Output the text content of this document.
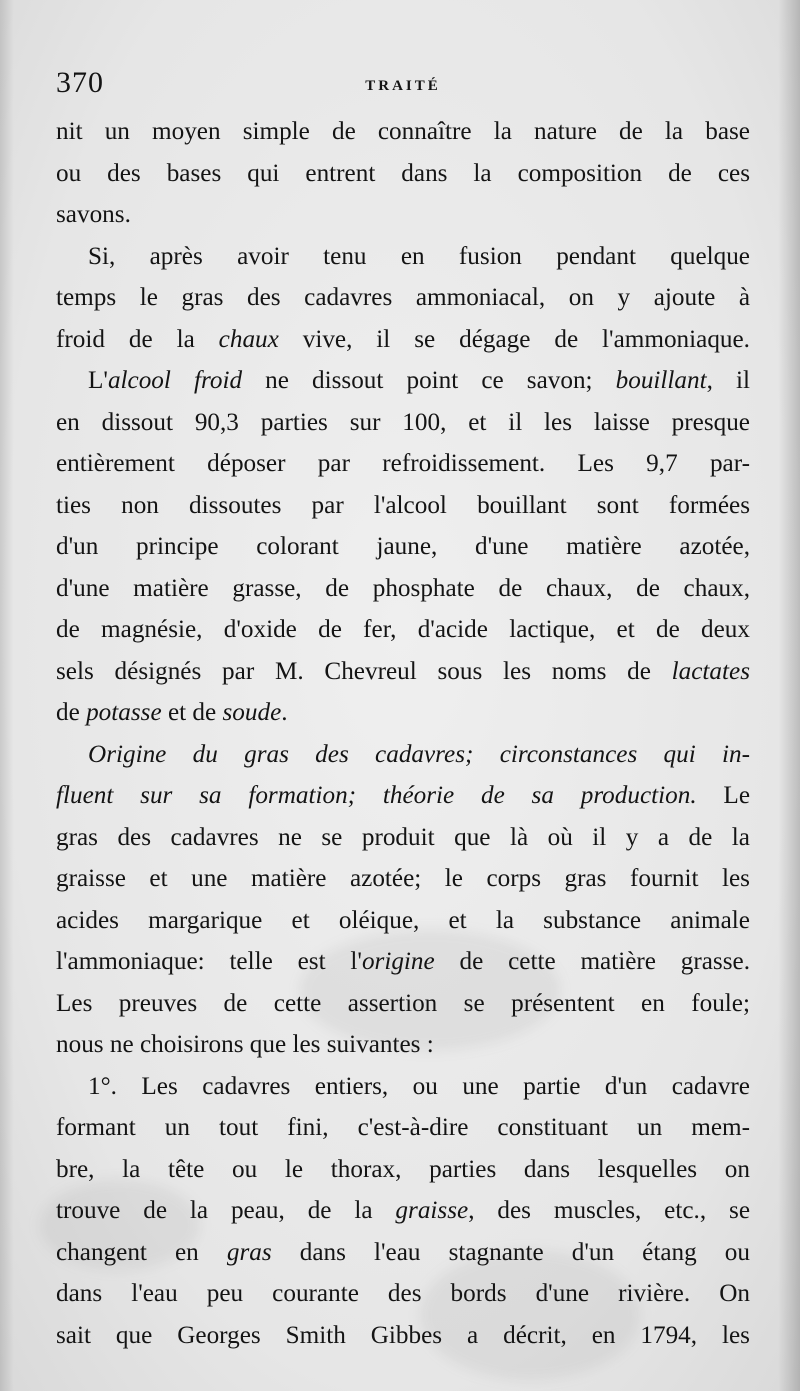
370	TRAITÉ
nit un moyen simple de connaître la nature de la base
ou des bases qui entrent dans la composition de ces
savons.
Si, après avoir tenu en fusion pendant quelque
temps le gras des cadavres ammoniacal, on y ajoute à
froid de la chaux vive, il se dégage de l'ammoniaque.
L'alcool froid ne dissout point ce savon; bouillant, il
en dissout 90,3 parties sur 100, et il les laisse presque
entièrement déposer par refroidissement. Les 9,7 par-
ties non dissoutes par l'alcool bouillant sont formées
d'un principe colorant jaune, d'une matière azotée,
d'une matière grasse, de phosphate de chaux, de chaux,
de magnésie, d'oxide de fer, d'acide lactique, et de deux
sels désignés par M. Chevreul sous les noms de lactates
de potasse et de soude.
Origine du gras des cadavres; circonstances qui in-
fluent sur sa formation; théorie de sa production. Le
gras des cadavres ne se produit que là où il y a de la
graisse et une matière azotée; le corps gras fournit les
acides margarique et oléique, et la substance animale
l'ammoniaque: telle est l'origine de cette matière grasse.
Les preuves de cette assertion se présentent en foule;
nous ne choisirons que les suivantes :
1°. Les cadavres entiers, ou une partie d'un cadavre
formant un tout fini, c'est-à-dire constituant un mem-
bre, la tête ou le thorax, parties dans lesquelles on
trouve de la peau, de la graisse, des muscles, etc., se
changent en gras dans l'eau stagnante d'un étang ou
dans l'eau peu courante des bords d'une rivière. On
sait que Georges Smith Gibbes a décrit, en 1794, les
